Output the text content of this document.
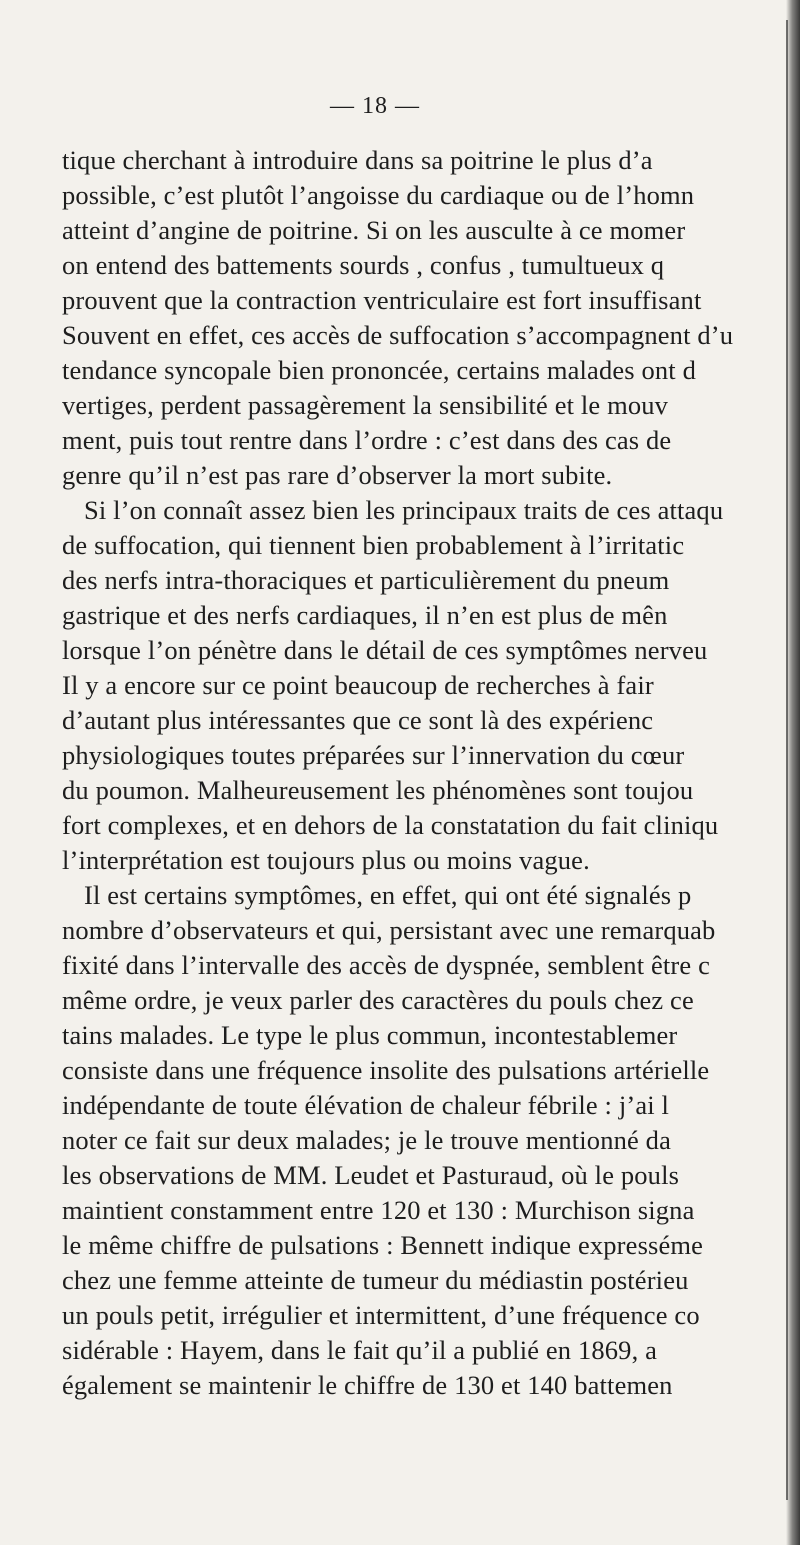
— 18 —
tique cherchant à introduire dans sa poitrine le plus d’a
possible, c’est plutôt l’angoisse du cardiaque ou de l’homn
atteint d’angine de poitrine. Si on les ausculte à ce momer
on entend des battements sourds , confus , tumultueux q
prouvent que la contraction ventriculaire est fort insuffisant
Souvent en effet, ces accès de suffocation s’accompagnent d’u
tendance syncopale bien prononcée, certains malades ont d
vertiges, perdent passagèrement la sensibilité et le mouv
ment, puis tout rentre dans l’ordre : c’est dans des cas de
genre qu’il n’est pas rare d’observer la mort subite.
Si l’on connaît assez bien les principaux traits de ces attaqu
de suffocation, qui tiennent bien probablement à l’irritatic
des nerfs intra-thoraciques et particulièrement du pneum
gastrique et des nerfs cardiaques, il n’en est plus de mên
lorsque l’on pénètre dans le détail de ces symptômes nerveu
Il y a encore sur ce point beaucoup de recherches à fair
d’autant plus intéressantes que ce sont là des expérienc
physiologiques toutes préparées sur l’innervation du cœur
du poumon. Malheureusement les phénomènes sont toujou
fort complexes, et en dehors de la constatation du fait cliniqu
l’interprétation est toujours plus ou moins vague.
Il est certains symptômes, en effet, qui ont été signalés p
nombre d’observateurs et qui, persistant avec une remarquab
fixité dans l’intervalle des accès de dyspnée, semblent être c
même ordre, je veux parler des caractères du pouls chez ce
tains malades. Le type le plus commun, incontestablemer
consiste dans une fréquence insolite des pulsations artérielle
indépendante de toute élévation de chaleur fébrile : j’ai l
noter ce fait sur deux malades; je le trouve mentionné da
les observations de MM. Leudet et Pasturaud, où le pouls
maintient constamment entre 120 et 130 : Murchison signa
le même chiffre de pulsations : Bennett indique expresséme
chez une femme atteinte de tumeur du médiastin postérieu
un pouls petit, irrégulier et intermittent, d’une fréquence co
sidérable : Hayem, dans le fait qu’il a publié en 1869, a
également se maintenir le chiffre de 130 et 140 battemen
